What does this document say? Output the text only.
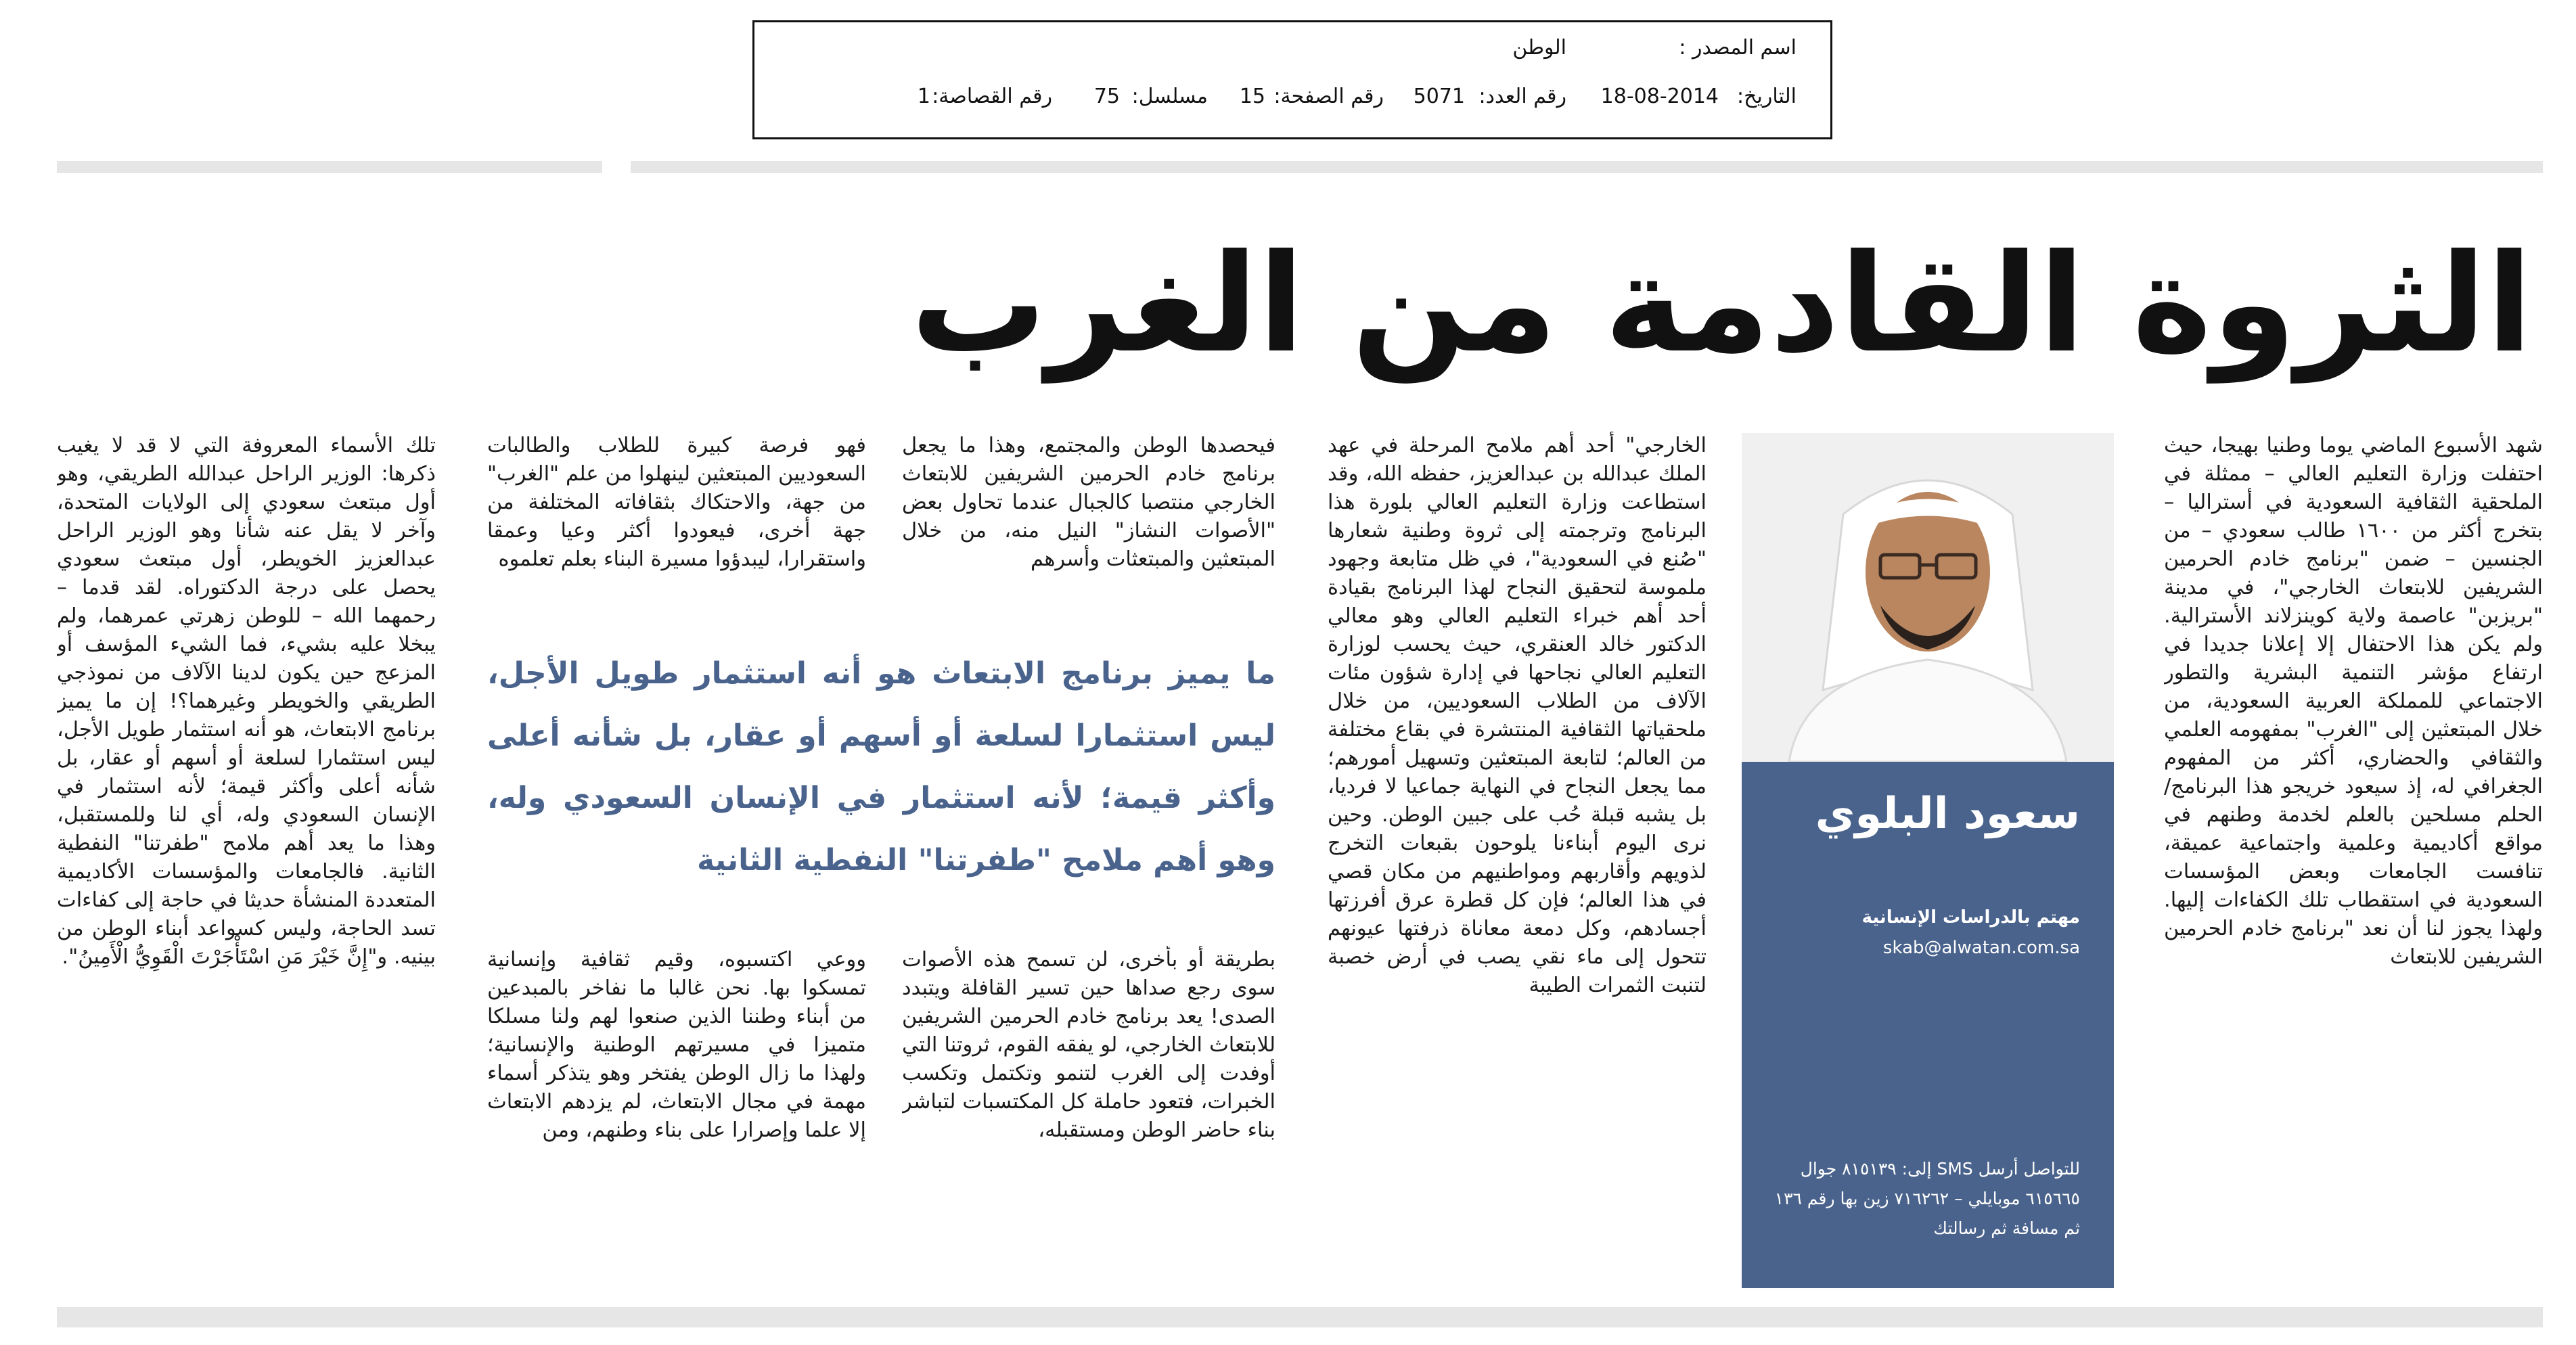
اسم المصدر :
الوطن
التاريخ:
18-08-2014
رقم العدد:
5071
رقم الصفحة:
15
مسلسل:
75
رقم القصاصة:
1
الثروة القادمة من الغرب

شهد الأسبوع الماضي يوما وطنيا بهيجا، حيث احتفلت وزارة التعليم العالي – ممثلة في الملحقية الثقافية السعودية في أستراليا – بتخرج أكثر من ١٦٠٠ طالب سعودي – من الجنسين – ضمن "برنامج خادم الحرمين الشريفين للابتعاث الخارجي"، في مدينة "بريزبن" عاصمة ولاية كوينزلاند الأسترالية. ولم يكن هذا الاحتفال إلا إعلانا جديدا في ارتفاع مؤشر التنمية البشرية والتطور الاجتماعي للمملكة العربية السعودية، من خلال المبتعثين إلى "الغرب" بمفهومه العلمي والثقافي والحضاري، أكثر من المفهوم الجغرافي له، إذ سيعود خريجو هذا البرنامج/الحلم مسلحين بالعلم لخدمة وطنهم في مواقع أكاديمية وعلمية واجتماعية عميقة، تنافست الجامعات وبعض المؤسسات السعودية في استقطاب تلك الكفاءات إليها. ولهذا يجوز لنا أن نعد "برنامج خادم الحرمين الشريفين للابتعاث

سعود البلوي
مهتم بالدراسات الإنسانية
skab@alwatan.com.sa
للتواصل أرسل SMS إلى: ٨١٥١٣٩ جوال ٦١٥٦٦٥ موبايلي – ٧١٦٢٦٢ زين بها رقم ١٣٦ ثم مسافة ثم رسالتك

الخارجي" أحد أهم ملامح المرحلة في عهد الملك عبدالله بن عبدالعزيز، حفظه الله، وقد استطاعت وزارة التعليم العالي بلورة هذا البرنامج وترجمته إلى ثروة وطنية شعارها "صُنع في السعودية"، في ظل متابعة وجهود ملموسة لتحقيق النجاح لهذا البرنامج بقيادة أحد أهم خبراء التعليم العالي وهو معالي الدكتور خالد العنقري، حيث يحسب لوزارة التعليم العالي نجاحها في إدارة شؤون مئات الآلاف من الطلاب السعوديين، من خلال ملحقياتها الثقافية المنتشرة في بقاع مختلفة من العالم؛ لتابعة المبتعثين وتسهيل أمورهم؛ مما يجعل النجاح في النهاية جماعيا لا فرديا، بل يشبه قبلة حُب على جبين الوطن. وحين نرى اليوم أبناءنا يلوحون بقبعات التخرج لذويهم وأقاربهم ومواطنيهم من مكان قصي في هذا العالم؛ فإن كل قطرة عرق أفرزتها أجسادهم، وكل دمعة معاناة ذرفتها عيونهم تتحول إلى ماء نقي يصب في أرض خصبة لتنبت الثمرات الطيبة

فيحصدها الوطن والمجتمع، وهذا ما يجعل برنامج خادم الحرمين الشريفين للابتعاث الخارجي منتصبا كالجبال عندما تحاول بعض "الأصوات النشاز" النيل منه، من خلال المبتعثين والمبتعثات وأسرهم

بطريقة أو بأخرى، لن تسمح هذه الأصوات سوى رجع صداها حين تسير القافلة ويتبدد الصدى! يعد برنامج خادم الحرمين الشريفين للابتعاث الخارجي، لو يفقه القوم، ثروتنا التي أوفدت إلى الغرب لتنمو وتكتمل وتكسب الخبرات، فتعود حاملة كل المكتسبات لتباشر بناء حاضر الوطن ومستقبله،

فهو فرصة كبيرة للطلاب والطالبات السعوديين المبتعثين لينهلوا من علم "الغرب" من جهة، والاحتكاك بثقافاته المختلفة من جهة أخرى، فيعودوا أكثر وعيا وعمقا واستقرارا، ليبدؤوا مسيرة البناء بعلم تعلموه

ووعي اكتسبوه، وقيم ثقافية وإنسانية تمسكوا بها. نحن غالبا ما نفاخر بالمبدعين من أبناء وطننا الذين صنعوا لهم ولنا مسلكا متميزا في مسيرتهم الوطنية والإنسانية؛ ولهذا ما زال الوطن يفتخر وهو يتذكر أسماء مهمة في مجال الابتعاث، لم يزدهم الابتعاث إلا علما وإصرارا على بناء وطنهم، ومن

ما يميز برنامج الابتعاث هو أنه استثمار طويل الأجل، ليس استثمارا لسلعة أو أسهم أو عقار، بل شأنه أعلى وأكثر قيمة؛ لأنه استثمار في الإنسان السعودي وله، وهو أهم ملامح "طفرتنا" النفطية الثانية

تلك الأسماء المعروفة التي لا قد لا يغيب ذكرها: الوزير الراحل عبدالله الطريقي، وهو أول مبتعث سعودي إلى الولايات المتحدة، وآخر لا يقل عنه شأنا وهو الوزير الراحل عبدالعزيز الخويطر، أول مبتعث سعودي يحصل على درجة الدكتوراه. لقد قدما – رحمهما الله – للوطن زهرتي عمرهما، ولم يبخلا عليه بشيء، فما الشيء المؤسف أو المزعج حين يكون لدينا الآلاف من نموذجي الطريقي والخويطر وغيرهما؟! إن ما يميز برنامج الابتعاث، هو أنه استثمار طويل الأجل، ليس استثمارا لسلعة أو أسهم أو عقار، بل شأنه أعلى وأكثر قيمة؛ لأنه استثمار في الإنسان السعودي وله، أي لنا وللمستقبل، وهذا ما يعد أهم ملامح "طفرتنا" النفطية الثانية. فالجامعات والمؤسسات الأكاديمية المتعددة المنشأة حديثا في حاجة إلى كفاءات تسد الحاجة، وليس كسواعد أبناء الوطن من بينيه. و"إِنَّ خَيْرَ مَنِ اسْتَأْجَرْتَ الْقَوِيُّ الْأَمِينُ".
